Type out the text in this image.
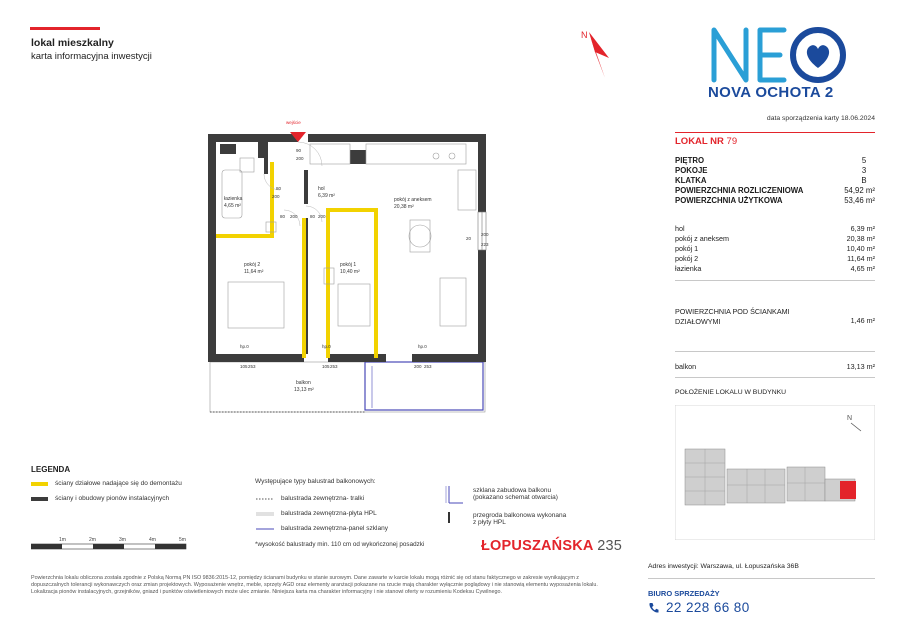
lokal mieszkalny
karta informacyjna inwestycji
N
NEO
NOVA OCHOTA 2
data sporządzenia karty 18.06.2024
LOKAL NR 79
PIĘTRO	5
POKOJE	3
KLATKA	B
POWIERZCHNIA ROZLICZENIOWA	54,92 m²
POWIERZCHNIA UŻYTKOWA	53,46 m²
hol	6,39 m²
pokój z aneksem	20,38 m²
pokój 1	10,40 m²
pokój 2	11,64 m²
łazienka	4,65 m²
POWIERZCHNIA POD ŚCIANKAMI
DZIAŁOWYMI	1,46 m²
balkon	13,13 m²
POŁOŻENIE LOKALU W BUDYNKU
N
Adres inwestycji: Warszawa, ul. Łopuszańska 36B
BIURO SPRZEDAŻY
22 228 66 80
wejście
hol
6,39 m²
łazienka
4,65 m²
pokój z aneksem
20,38 m²
pokój 2
11,64 m²
pokój 1
10,40 m²
balkon
13,13 m²
90
200
80
200
80 200	80 200
20
200
223
hp.0
105 253
hp.0
105 253
hp.0
200 253
LEGENDA
ściany działowe nadające się do demontażu
ściany i obudowy pionów instalacyjnych
Występujące typy balustrad balkonowych:
balustrada zewnętrzna- tralki
balustrada zewnętrzna-płyta HPL
balustrada zewnętrzna-panel szklany
*wysokość balustrady min. 110 cm od wykończonej posadzki
szklana zabudowa balkonu
(pokazano schemat otwarcia)
przegroda balkonowa wykonana
z płyty HPL
1m	2m	3m	4m	5m	ŁOPUSZAŃSKA 235
Powierzchnia lokalu obliczona została zgodnie z Polską Normą PN ISO 9836:2015-12, pomiędzy ścianami budynku w stanie surowym. Dane zawarte w karcie lokalu mogą różnić się od stanu faktycznego w zakresie wynikającym z dopuszczalnych tolerancji wykonawczych oraz zmian projektowych. Wyposażenie wnętrz, meble, sprzęty AGD oraz elementy aranżacji pokazane na rzucie mają charakter wyłącznie poglądowy i nie stanowią elementu wyposażenia lokalu. Lokalizacja pionów instalacyjnych, grzejników, gniazd i punktów oświetleniowych może ulec zmianie. Niniejsza karta ma charakter informacyjny i nie stanowi oferty w rozumieniu Kodeksu Cywilnego.
